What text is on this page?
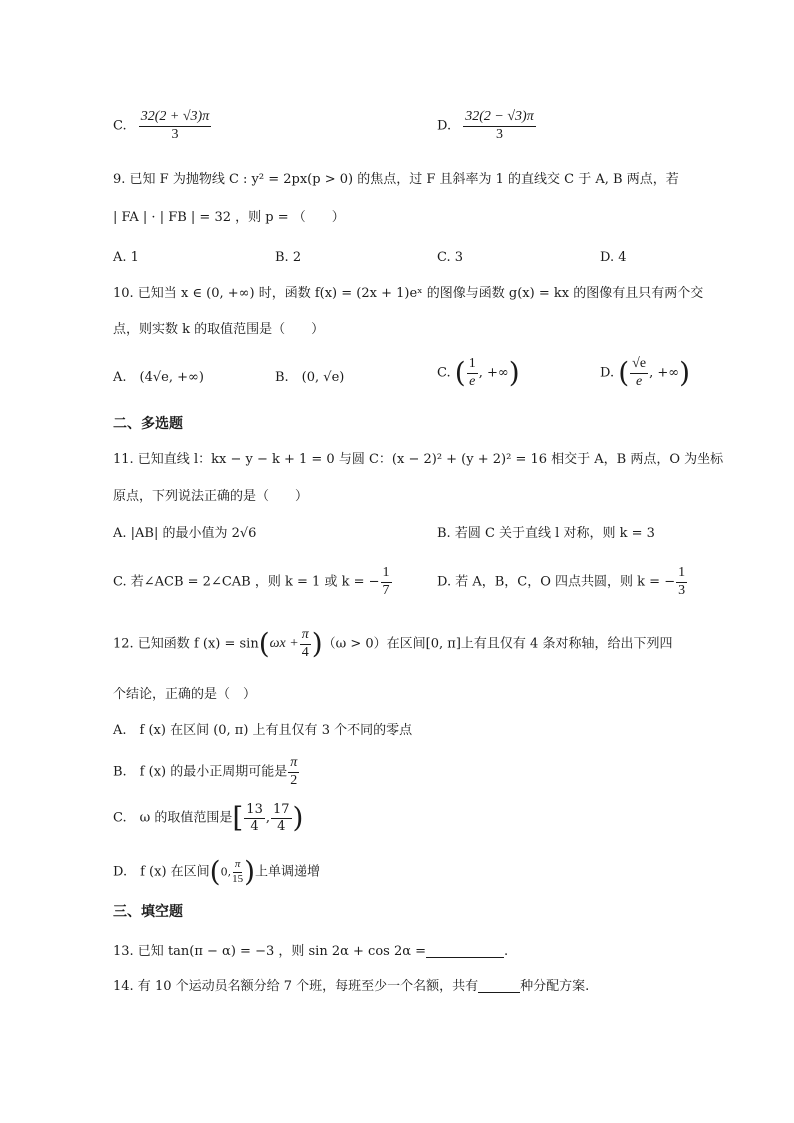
C. $\frac{32(2 + √3)\pi}{3}$	D. $\frac{32(2 - √3)\pi}{3}$
9. 已知 F 为抛物线 C : y² = 2px(p > 0) 的焦点，过 F 且斜率为 1 的直线交 C 于 A, B 两点，若
| FA | · | FB | = 32 ，则 p = （　　）
A. 1	B. 2	C. 3	D. 4
10. 已知当 x ∈ (0, +∞) 时，函数 f(x) = (2x + 1)eˣ 的图像与函数 g(x) = kx 的图像有且只有两个交
点，则实数 k 的取值范围是（　　）
A.　(4√e, +∞)	B.　(0, √e)	C. ( $\frac{1}{e}$ , +∞)	D. ( $\frac{√e}{e}$ , +∞)
二、多选题
11. 已知直线 l：kx − y − k + 1 = 0 与圆 C：(x − 2)² + (y + 2)² = 16 相交于 A，B 两点，O 为坐标
原点，下列说法正确的是（　　）
A. |AB| 的最小值为 2√6	B. 若圆 C 关于直线 l 对称，则 k = 3
C. 若∠ACB = 2∠CAB ，则 k = 1 或 k = − $\frac{1}{7}$	D. 若 A，B，C，O 四点共圆，则 k = − $\frac{1}{3}$
12. 已知函数 f $(x) = \sin(\omega x + \frac{\pi}{4} )(\omega > 0)$在区间[0, π]上有且仅有 4 条对称轴，给出下列四
个结论，正确的是（　）
A.　f (x) 在区间 (0, π) 上有且仅有 3 个不同的零点
B.　f (x) 的最小正周期可能是 $\frac{\pi}{2}$
C.　ω 的取值范围是[ $\frac{13}{4}$ , $\frac{17}{4}$ )
D.　f (x) 在区间(0, $\frac{\pi}{15}$ )上单调递增
三、填空题
13. 已知 tan(π − α) = −3 ，则 sin 2α + cos 2α =	.
14. 有 10 个运动员名额分给 7 个班，每班至少一个名额，共有	种分配方案.
